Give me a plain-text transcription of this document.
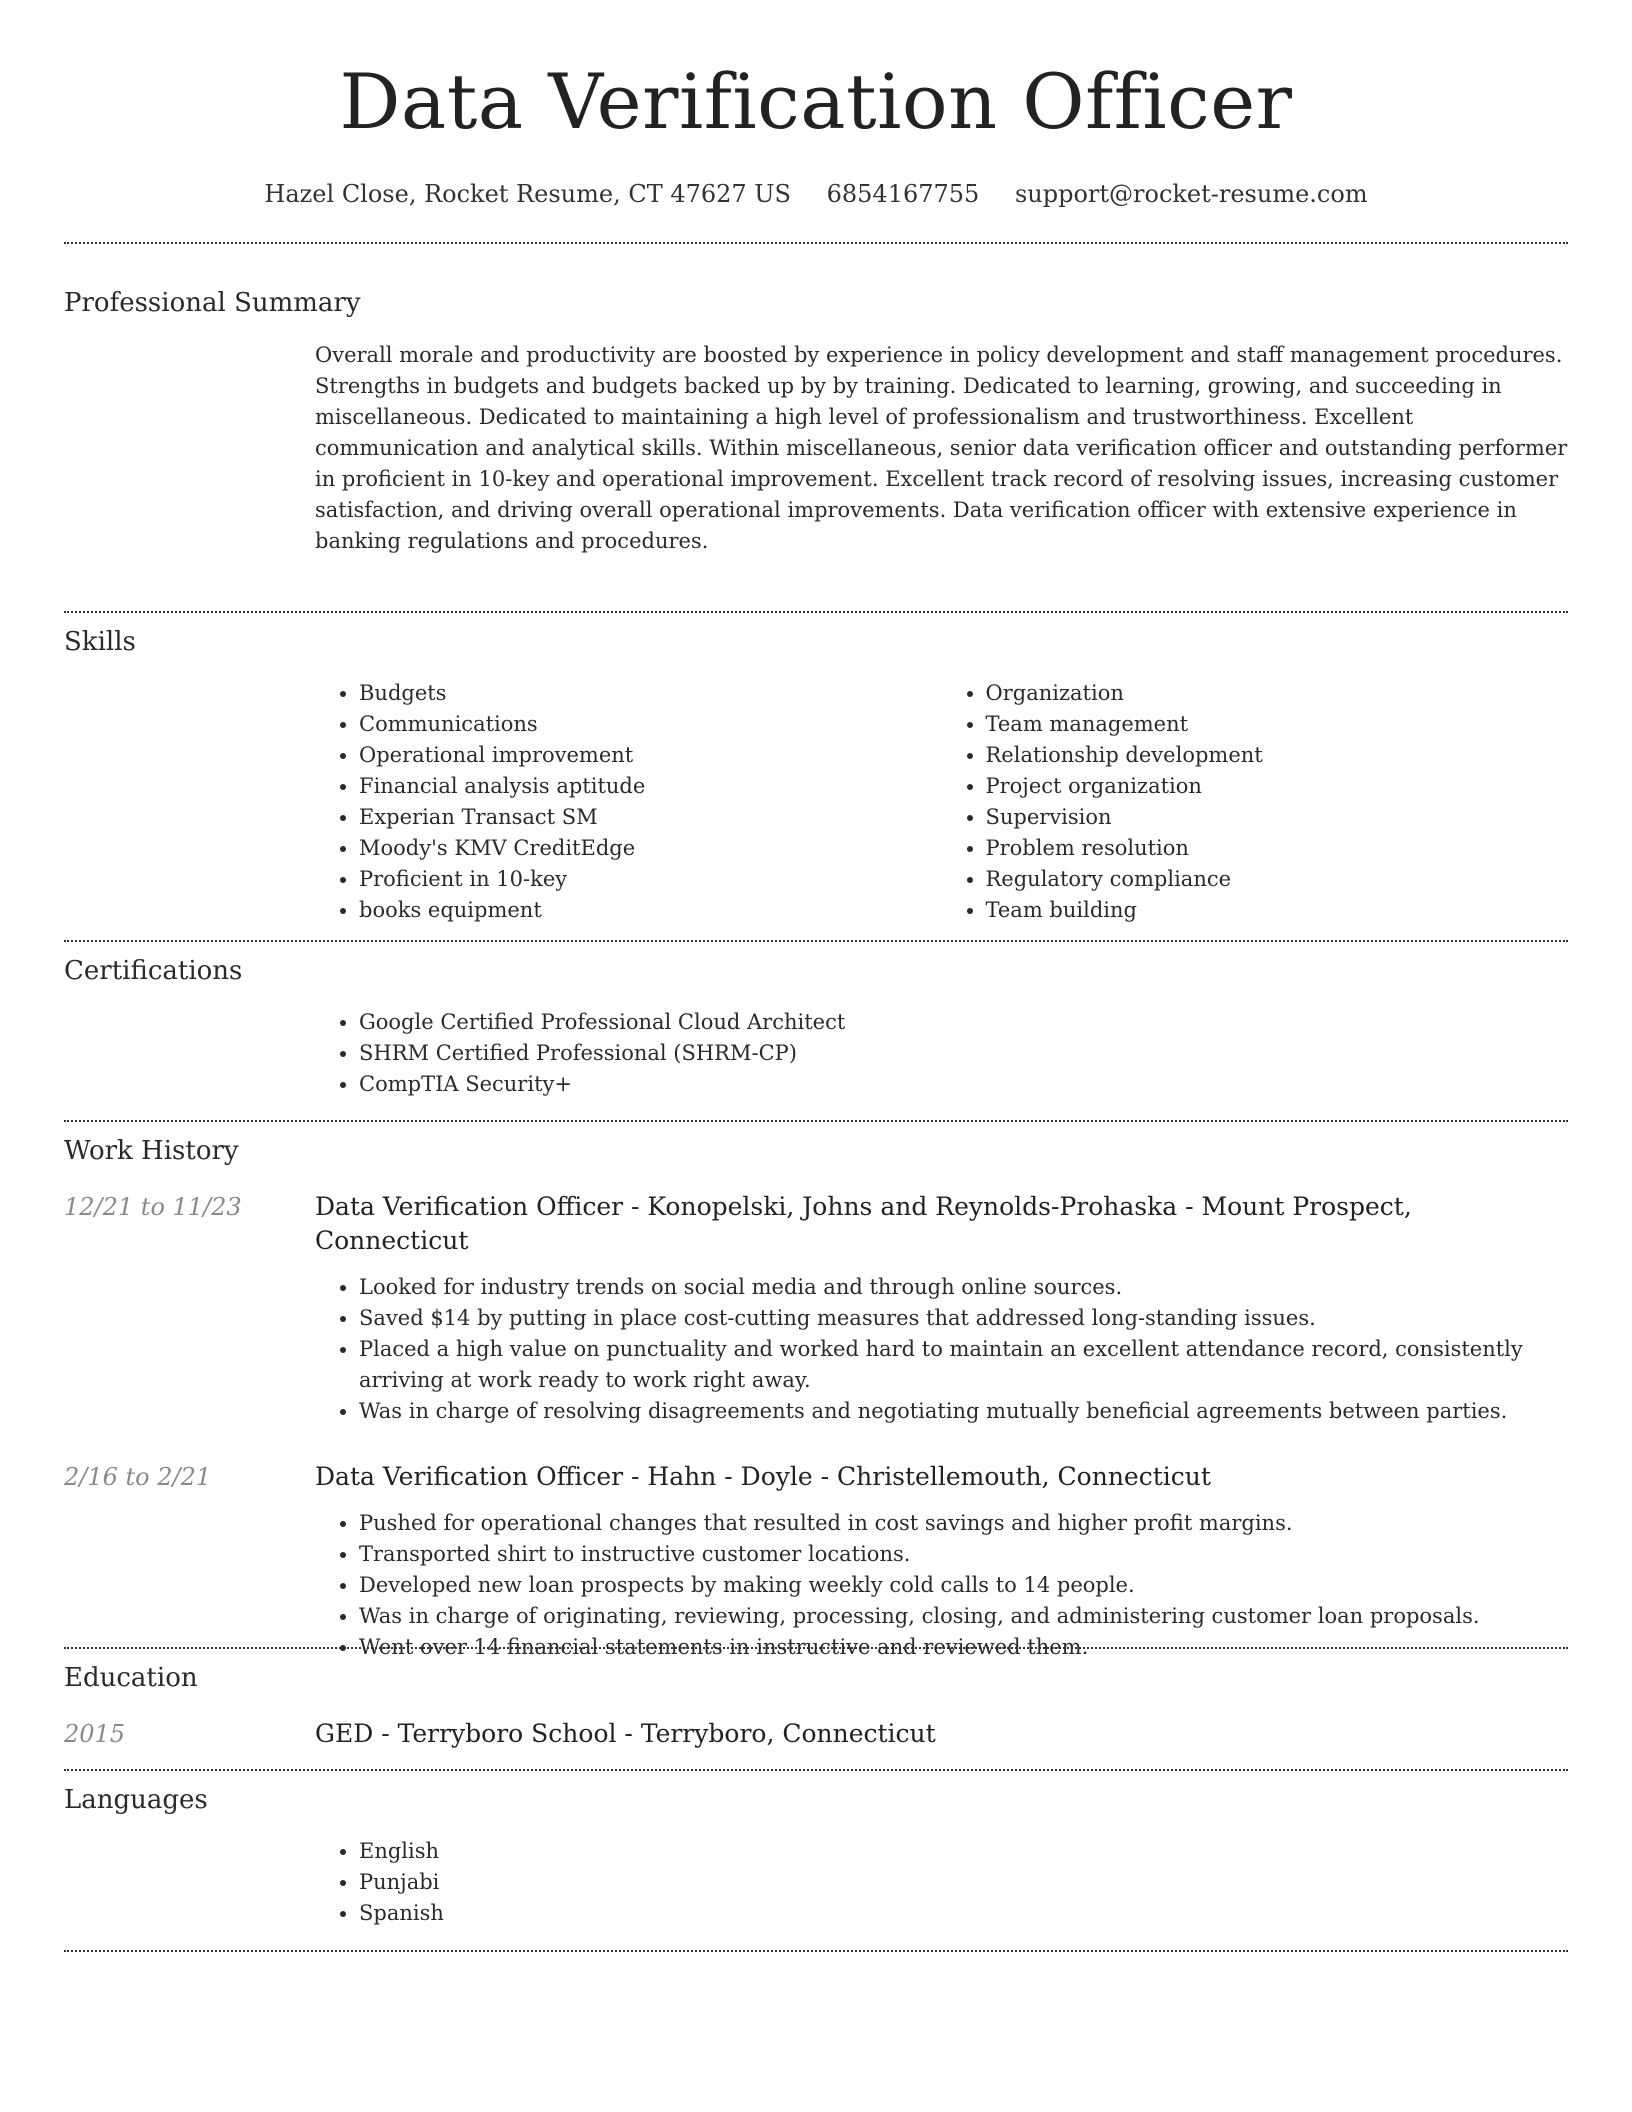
Data Verification Officer
Hazel Close, Rocket Resume, CT 47627 US 6854167755 support@rocket-resume.com
Professional Summary
Overall morale and productivity are boosted by experience in policy development and staff management procedures. Strengths in budgets and budgets backed up by by training. Dedicated to learning, growing, and succeeding in miscellaneous. Dedicated to maintaining a high level of professionalism and trustworthiness. Excellent communication and analytical skills. Within miscellaneous, senior data verification officer and outstanding performer in proficient in 10-key and operational improvement. Excellent track record of resolving issues, increasing customer satisfaction, and driving overall operational improvements. Data verification officer with extensive experience in banking regulations and procedures.
Skills
• Budgets
• Communications
• Operational improvement
• Financial analysis aptitude
• Experian Transact SM
• Moody's KMV CreditEdge
• Proficient in 10-key
• books equipment
• Organization
• Team management
• Relationship development
• Project organization
• Supervision
• Problem resolution
• Regulatory compliance
• Team building
Certifications
• Google Certified Professional Cloud Architect
• SHRM Certified Professional (SHRM-CP)
• CompTIA Security+
Work History
12/21 to 11/23	Data Verification Officer - Konopelski, Johns and Reynolds-Prohaska - Mount Prospect, Connecticut
• Looked for industry trends on social media and through online sources.
• Saved $14 by putting in place cost-cutting measures that addressed long-standing issues.
• Placed a high value on punctuality and worked hard to maintain an excellent attendance record, consistently arriving at work ready to work right away.
• Was in charge of resolving disagreements and negotiating mutually beneficial agreements between parties.
2/16 to 2/21	Data Verification Officer - Hahn - Doyle - Christellemouth, Connecticut
• Pushed for operational changes that resulted in cost savings and higher profit margins.
• Transported shirt to instructive customer locations.
• Developed new loan prospects by making weekly cold calls to 14 people.
• Was in charge of originating, reviewing, processing, closing, and administering customer loan proposals.
• Went over 14 financial statements in instructive and reviewed them.
Education
2015	GED - Terryboro School - Terryboro, Connecticut
Languages
• English
• Punjabi
• Spanish
